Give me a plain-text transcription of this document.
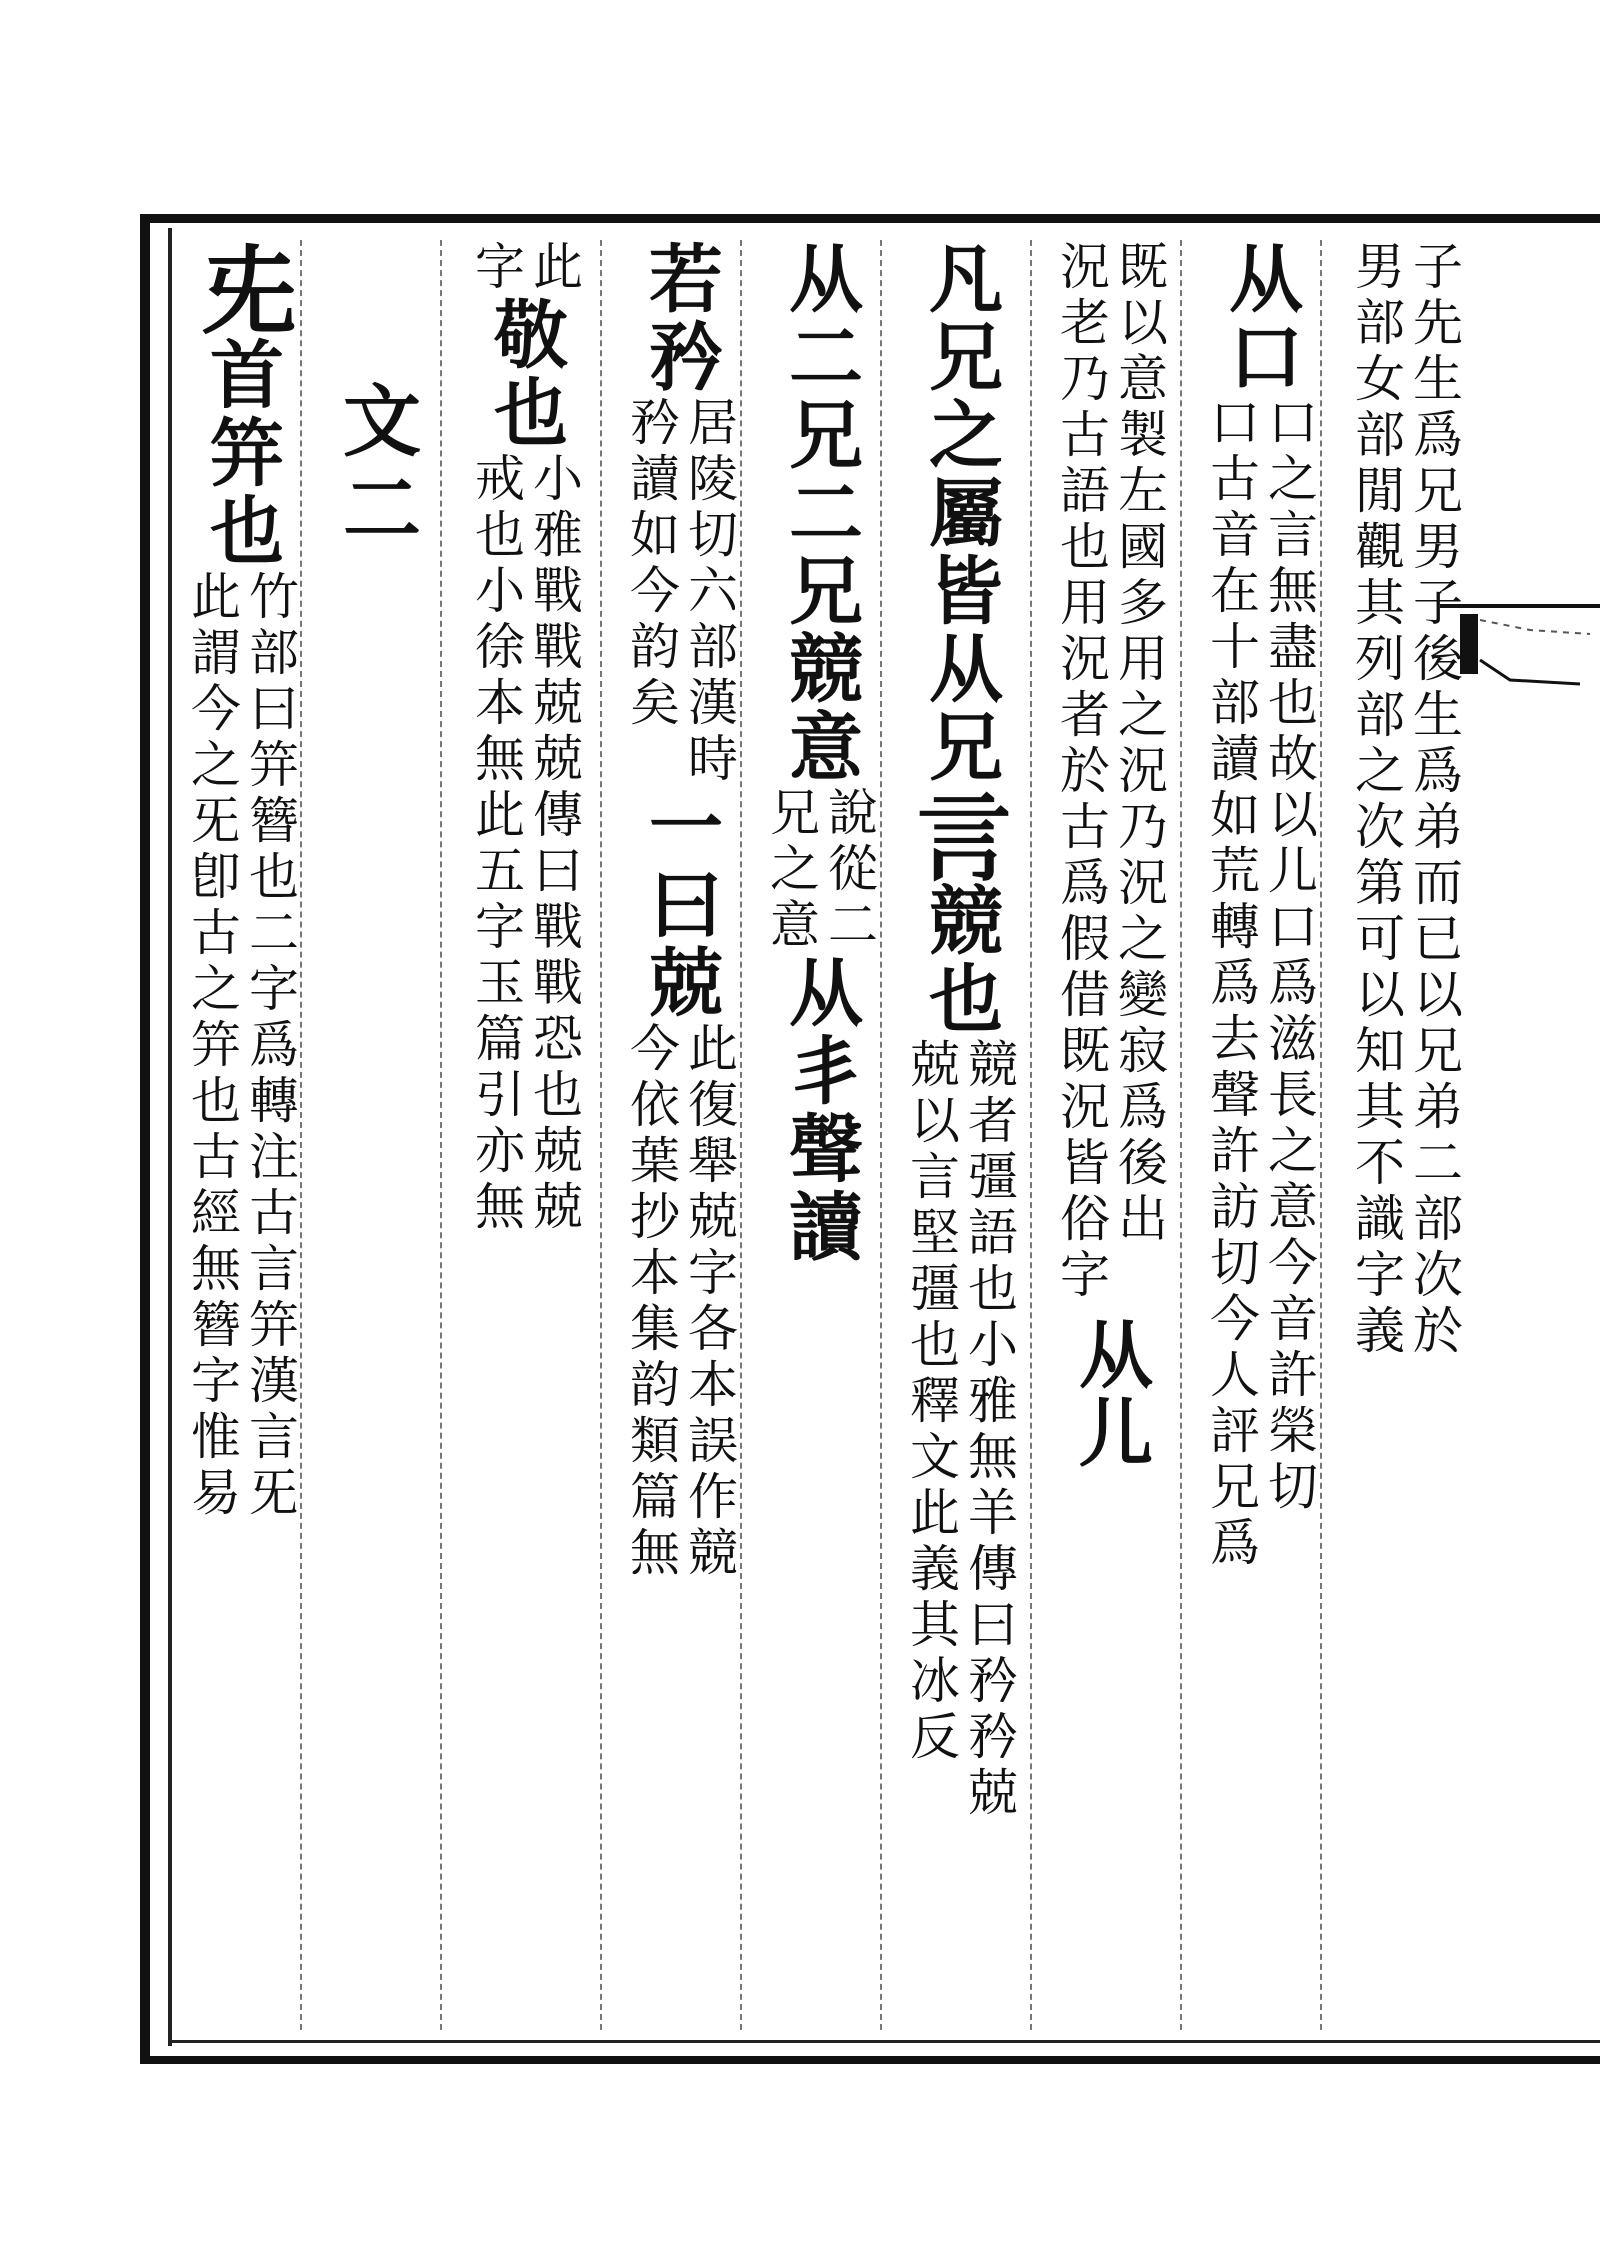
子先生爲兄男子後生爲弟而已以兄弟二部次於
男部女部閒觀其列部之次第可以知其不識字義
从口
口之言無盡也故以儿口爲滋長之意今音許榮切
口古音在十部讀如荒轉爲去聲許訪切今人評兄爲
既以意製左國多用之況乃況之變寂爲後出
況老乃古語也用況者於古爲假借既況皆俗字
从儿
凡兄之屬皆从兄
𧥛
競也
競者彊語也小雅無羊傳曰矜矜兢
兢以言堅彊也釋文此義其冰反
从二兄二兄競意
說從二
兄之意
从丯聲讀
若矜
居陵切六部漢時
矜讀如今韵矣
一曰兢
此復舉兢字各本誤作競
今依葉抄本集韵類篇無
此
字
敬也
小雅戰戰兢兢傳曰戰戰恐也兢兢
戒也小徐本無此五字玉篇引亦無
文二
兂
首笄也
竹部曰笄簪也二字爲轉注古言笄漢言旡
此謂今之旡卽古之笄也古經無簪字惟易
